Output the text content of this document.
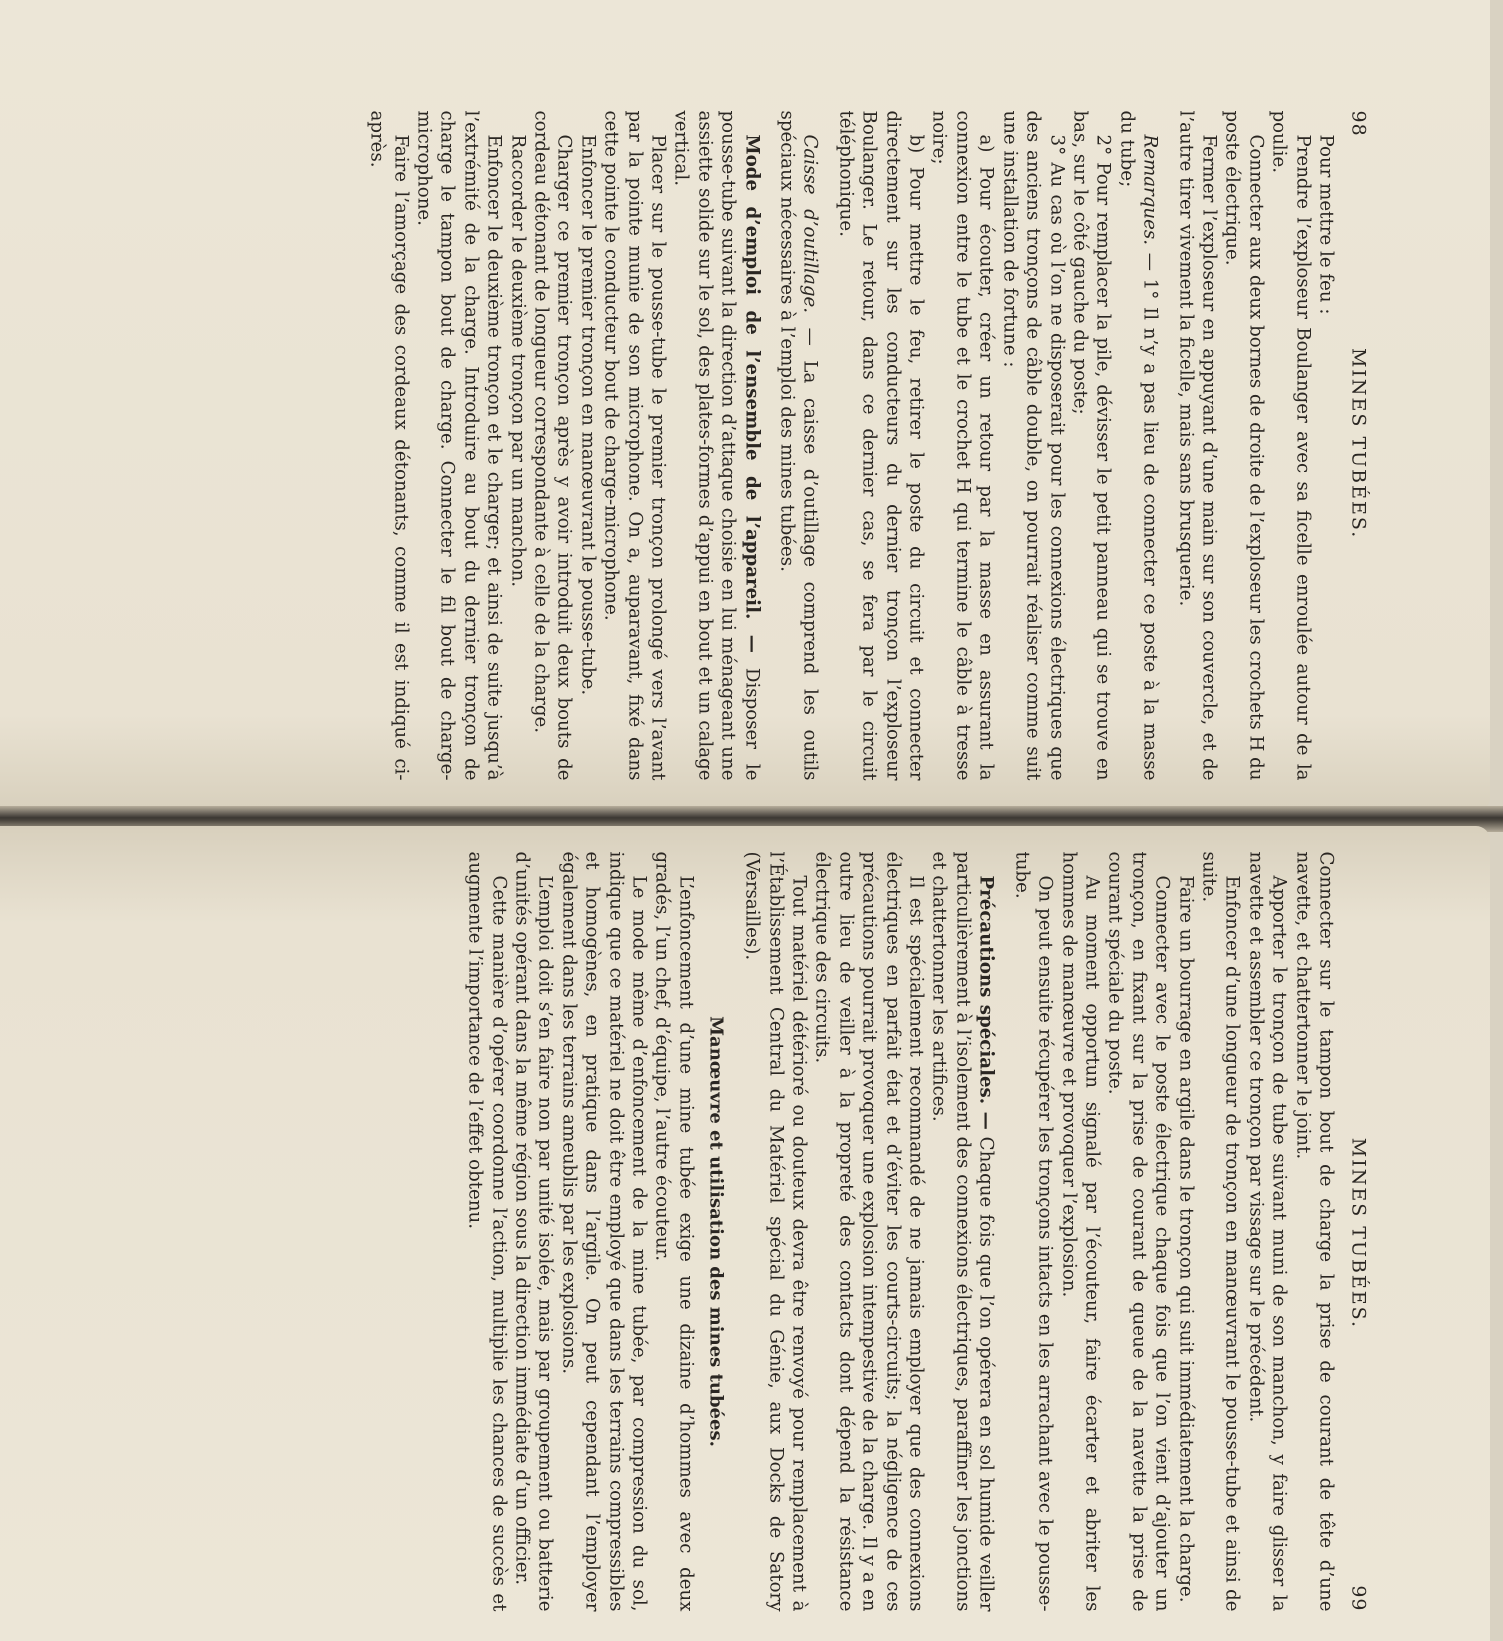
98
MINES TUBÉES.

Pour mettre le feu :

Prendre l’exploseur Boulanger avec sa ficelle enroulée autour de la poulie.

Connecter aux deux bornes de droite de l’exploseur les crochets H du poste électrique.

Fermer l’exploseur en appuyant d’une main sur son couvercle, et de l’autre tirer vivement la ficelle, mais sans brusquerie.

Remarques. — 1° Il n’y a pas lieu de connecter ce poste à la masse du tube;

2° Pour remplacer la pile, dévisser le petit panneau qui se trouve en bas, sur le côté gauche du poste;

3° Au cas où l’on ne disposerait pour les connexions électriques que des anciens tronçons de câble double, on pourrait réaliser comme suit une installation de fortune :

a) Pour écouter, créer un retour par la masse en assurant la connexion entre le tube et le crochet H qui termine le câble à tresse noire;

b) Pour mettre le feu, retirer le poste du circuit et connecter directement sur les conducteurs du dernier tronçon l’exploseur Boulanger. Le retour, dans ce dernier cas, se fera par le circuit téléphonique.

Caisse d’outillage. — La caisse d’outillage comprend les outils spéciaux nécessaires à l’emploi des mines tubées.

Mode d’emploi de l’ensemble de l’appareil. — Disposer le pousse-tube suivant la direction d’attaque choisie en lui ménageant une assiette solide sur le sol, des plates-formes d’appui en bout et un calage vertical.

Placer sur le pousse-tube le premier tronçon prolongé vers l’avant par la pointe munie de son microphone. On a, auparavant, fixé dans cette pointe le conducteur bout de charge-microphone.

Enfoncer le premier tronçon en manœuvrant le pousse-tube.

Charger ce premier tronçon après y avoir introduit deux bouts de cordeau détonant de longueur correspondante à celle de la charge.

Raccorder le deuxième tronçon par un manchon.

Enfoncer le deuxième tronçon et le charger; et ainsi de suite jusqu’à l’extrémité de la charge. Introduire au bout du dernier tronçon de charge le tampon bout de charge. Connecter le fil bout de charge-microphone.

Faire l’amorçage des cordeaux détonants, comme il est indiqué ci-après.

MINES TUBÉES.
99

Connecter sur le tampon bout de charge la prise de courant de tête d’une navette, et chattertonner le joint.

Apporter le tronçon de tube suivant muni de son manchon, y faire glisser la navette et assembler ce tronçon par vissage sur le précédent.

Enfoncer d’une longueur de tronçon en manœuvrant le pousse-tube et ainsi de suite.

Faire un bourrage en argile dans le tronçon qui suit immédiatement la charge.

Connecter avec le poste électrique chaque fois que l’on vient d’ajouter un tronçon, en fixant sur la prise de courant de queue de la navette la prise de courant spéciale du poste.

Au moment opportun signalé par l’écouteur, faire écarter et abriter les hommes de manœuvre et provoquer l’explosion.

On peut ensuite récupérer les tronçons intacts en les arrachant avec le pousse-tube.

Précautions spéciales. — Chaque fois que l’on opérera en sol humide veiller particulièrement à l’isolement des connexions électriques, paraffiner les jonctions et chattertonner les artifices.

Il est spécialement recommandé de ne jamais employer que des connexions électriques en parfait état et d’éviter les courts-circuits; la négligence de ces précautions pourrait provoquer une explosion intempestive de la charge. Il y a en outre lieu de veiller à la propreté des contacts dont dépend la résistance électrique des circuits.

Tout matériel détérioré ou douteux devra être renvoyé pour remplacement à l’Établissement Central du Matériel spécial du Génie, aux Docks de Satory (Versailles).

Manœuvre et utilisation des mines tubées.

L’enfoncement d’une mine tubée exige une dizaine d’hommes avec deux gradés, l’un chef, d’équipe, l’autre écouteur.

Le mode même d’enfoncement de la mine tubée, par compression du sol, indique que ce matériel ne doit être employé que dans les terrains compressibles et homogènes, en pratique dans l’argile. On peut cependant l’employer également dans les terrains ameublis par les explosions.

L’emploi doit s’en faire non par unité isolée, mais par groupement ou batterie d’unités opérant dans la même région sous la direction immédiate d’un officier.

Cette manière d’opérer coordonne l’action, multiplie les chances de succès et augmente l’importance de l’effet obtenu.
